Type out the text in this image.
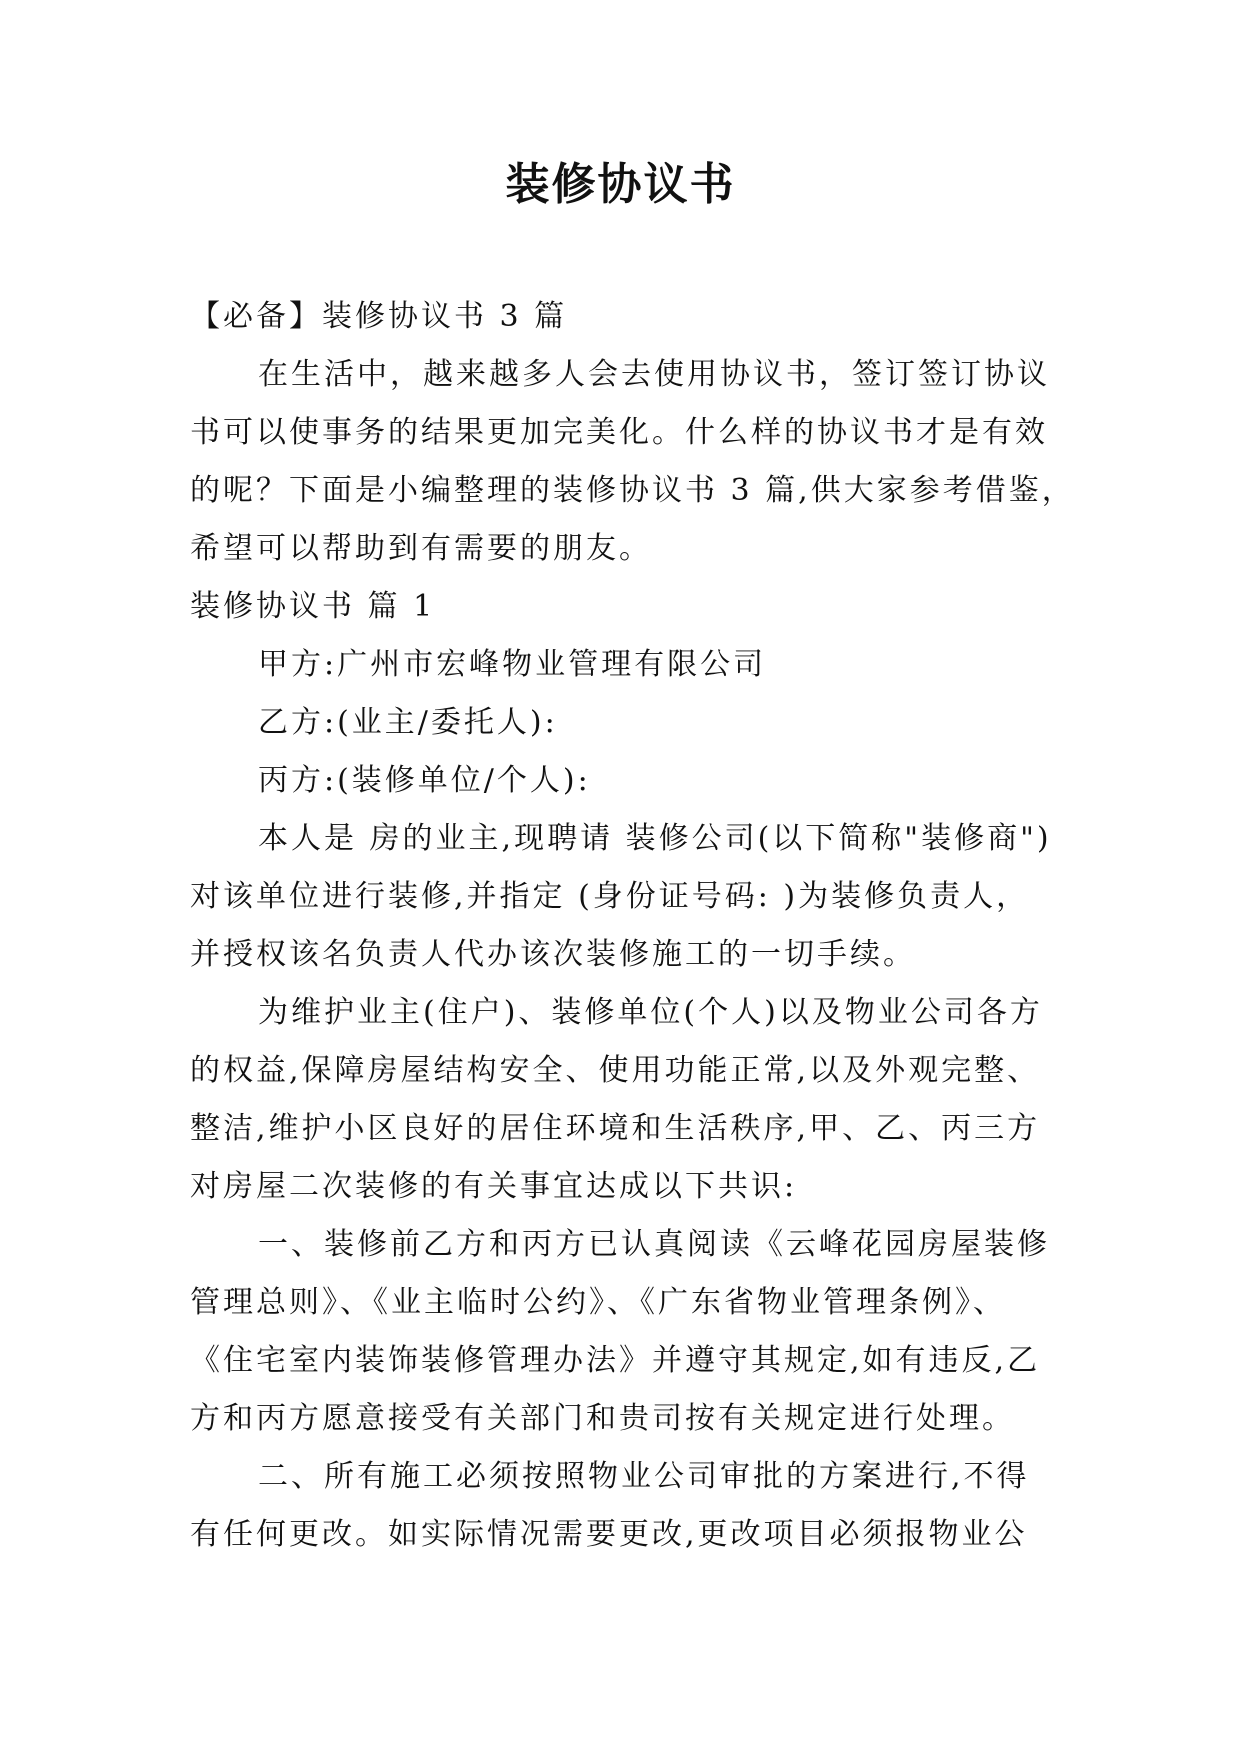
装修协议书
【必备】装修协议书 3 篇
在生活中，越来越多人会去使用协议书，签订签订协议
书可以使事务的结果更加完美化。什么样的协议书才是有效
的呢？下面是小编整理的装修协议书 3 篇,供大家参考借鉴，
希望可以帮助到有需要的朋友。
装修协议书 篇 1
甲方:广州市宏峰物业管理有限公司
乙方:(业主/委托人):
丙方:(装修单位/个人):
本人是 房的业主,现聘请 装修公司(以下简称"装修商")
对该单位进行装修,并指定 (身份证号码: )为装修负责人，
并授权该名负责人代办该次装修施工的一切手续。
为维护业主(住户)、装修单位(个人)以及物业公司各方
的权益,保障房屋结构安全、使用功能正常,以及外观完整、
整洁,维护小区良好的居住环境和生活秩序,甲、乙、丙三方
对房屋二次装修的有关事宜达成以下共识:
一、装修前乙方和丙方已认真阅读《云峰花园房屋装修
管理总则》、《业主临时公约》、《广东省物业管理条例》、
《住宅室内装饰装修管理办法》并遵守其规定,如有违反,乙
方和丙方愿意接受有关部门和贵司按有关规定进行处理。
二、所有施工必须按照物业公司审批的方案进行,不得
有任何更改。如实际情况需要更改,更改项目必须报物业公
